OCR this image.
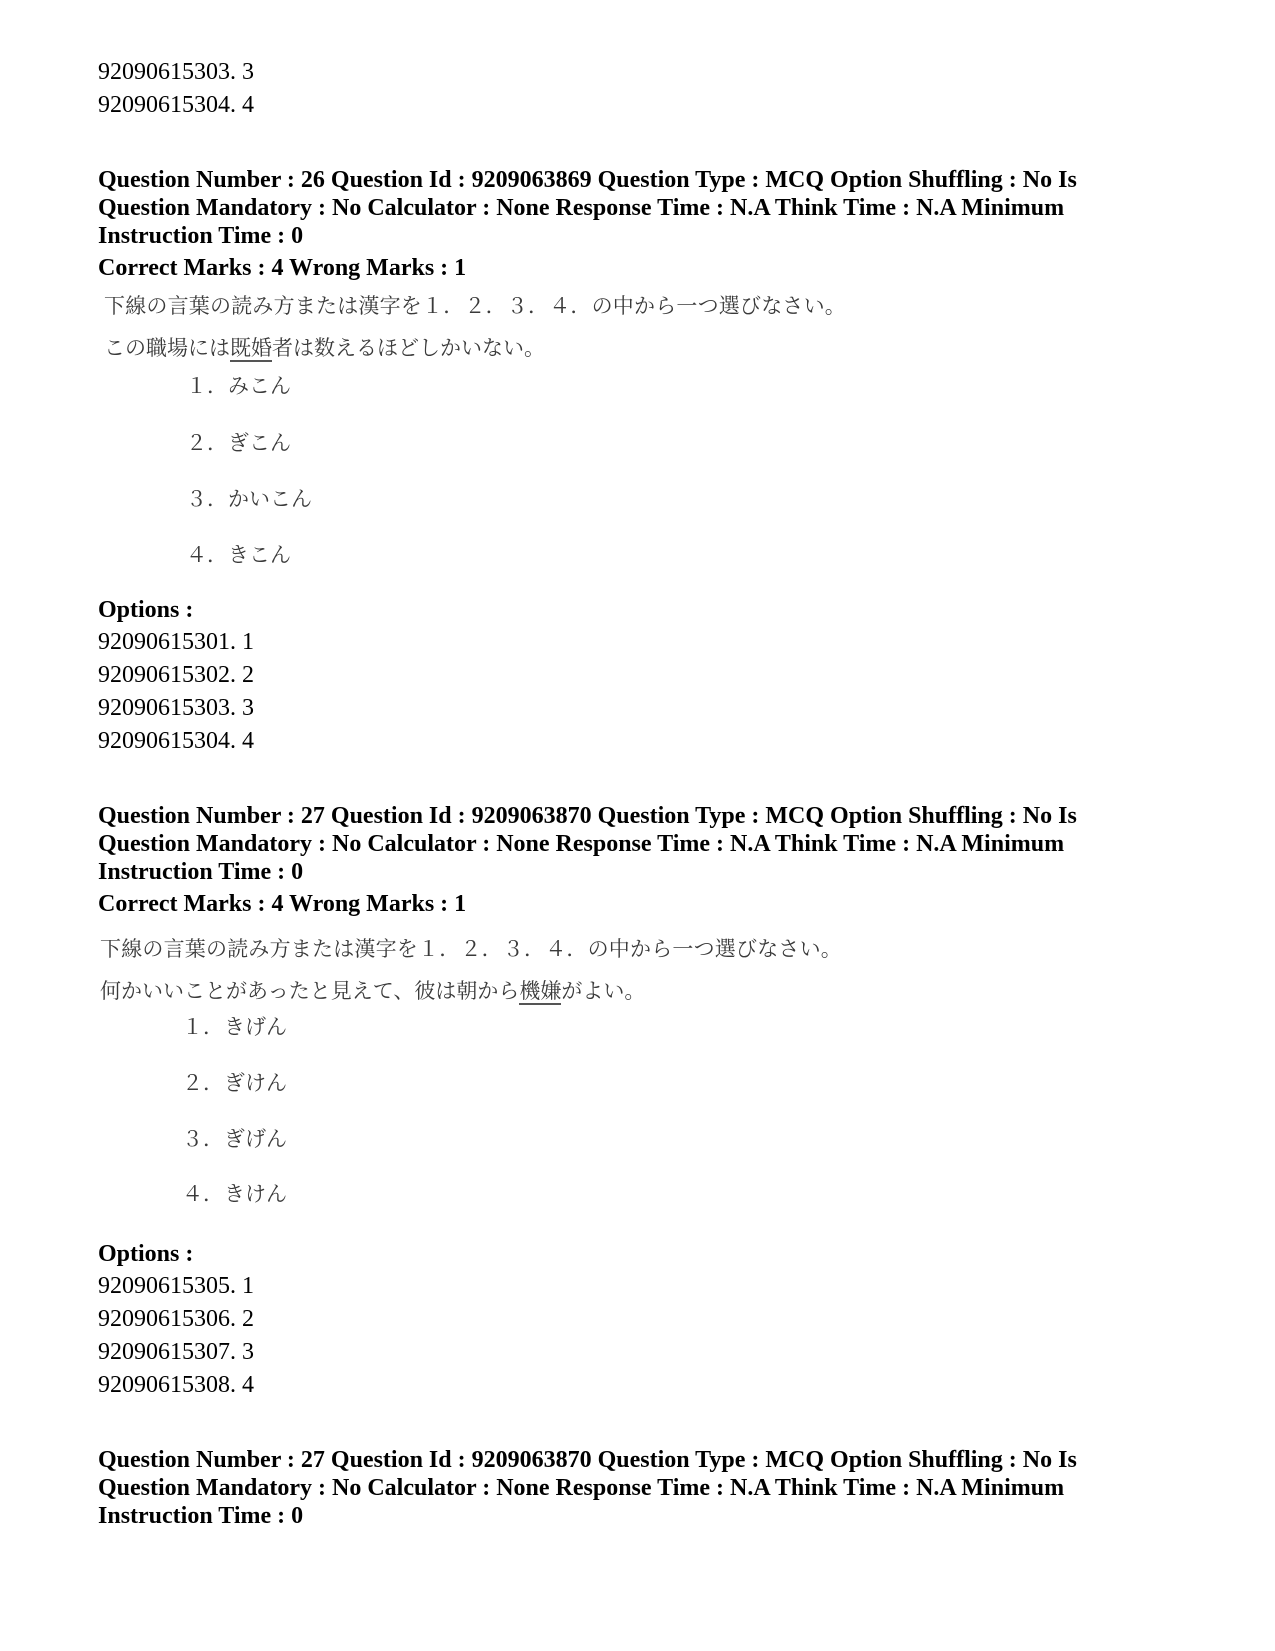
92090615303. 3
92090615304. 4
Question Number : 26 Question Id : 9209063869 Question Type : MCQ Option Shuffling : No Is
Question Mandatory : No Calculator : None Response Time : N.A Think Time : N.A Minimum
Instruction Time : 0
Correct Marks : 4 Wrong Marks : 1
下線の言葉の読み方または漢字を１．２．３．４．の中から一つ選びなさい。
この職場には既婚者は数えるほどしかいない。
１．みこん
２．ぎこん
３．かいこん
４．きこん
Options :
92090615301. 1
92090615302. 2
92090615303. 3
92090615304. 4
Question Number : 27 Question Id : 9209063870 Question Type : MCQ Option Shuffling : No Is
Question Mandatory : No Calculator : None Response Time : N.A Think Time : N.A Minimum
Instruction Time : 0
Correct Marks : 4 Wrong Marks : 1
下線の言葉の読み方または漢字を１．２．３．４．の中から一つ選びなさい。
何かいいことがあったと見えて、彼は朝から機嫌がよい。
１．きげん
２．ぎけん
３．ぎげん
４．きけん
Options :
92090615305. 1
92090615306. 2
92090615307. 3
92090615308. 4
Question Number : 27 Question Id : 9209063870 Question Type : MCQ Option Shuffling : No Is
Question Mandatory : No Calculator : None Response Time : N.A Think Time : N.A Minimum
Instruction Time : 0
